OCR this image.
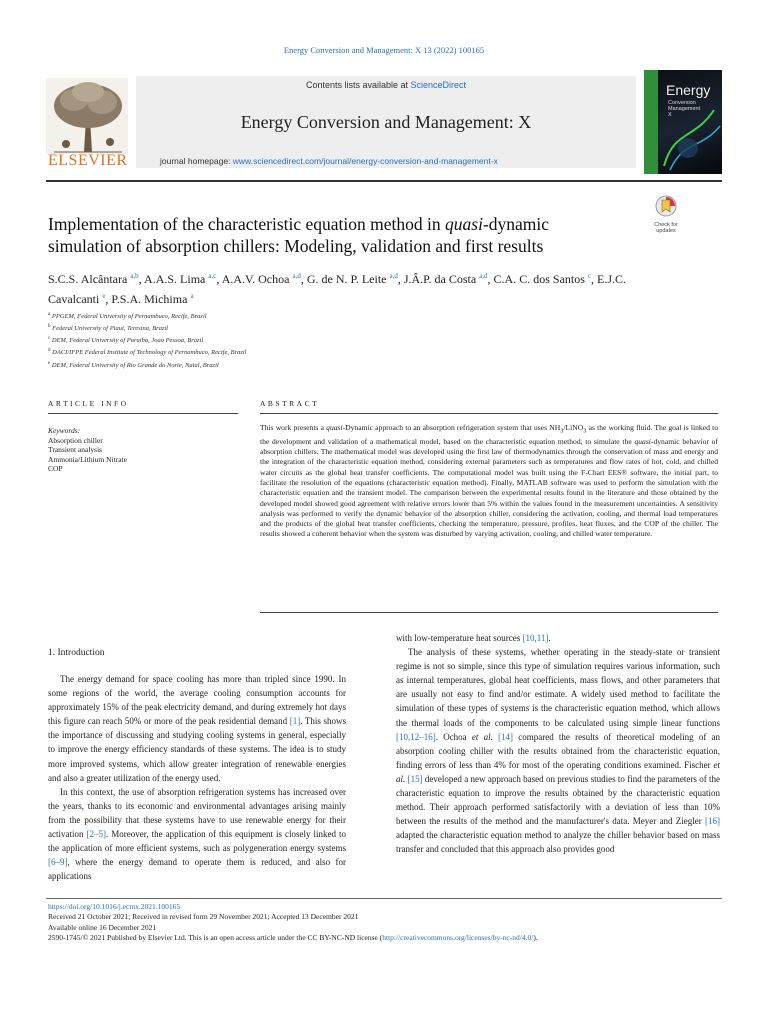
Energy Conversion and Management: X 13 (2022) 100165
ELSEVIER
Contents lists available at ScienceDirect
Energy Conversion and Management: X
journal homepage: www.sciencedirect.com/journal/energy-conversion-and-management-x
Energy
Conversion
Management
X
Check for
updates
Implementation of the characteristic equation method in quasi-dynamic
simulation of absorption chillers: Modeling, validation and first results
S.C.S. Alcântara $^{a,b}$, A.A.S. Lima $^{a,c}$, A.A.V. Ochoa $^{a,d}$, G. de N. P. Leite $^{a,d}$, J.Â.P. da Costa $^{a,d}$, C.A. C. dos Santos $^c$, E.J.C. Cavalcanti $^e$, P.S.A. Michima $^a$
$^a$ PPGEM, Federal University of Pernambuco, Recife, Brazil
$^b$ Federal University of Piaui, Teresina, Brazil
$^c$ DEM, Federal University of Paraiba, Joao Pessoa, Brazil
$^d$ DACI/IFPE Federal Institute of Technology of Pernambuco, Recife, Brazil
$^e$ DEM, Federal University of Rio Grande do Norte, Natal, Brazil
ARTICLE INFO	ABSTRACT
Keywords:
Absorption chiller
Transient analysis
Ammonia/Lithium Nitrate
COP
This work presents a quasi-Dynamic approach to an absorption refrigeration system that uses $NH_3/LiNO_3$ as the working fluid. The goal is linked to the development and validation of a mathematical model, based on the characteristic equation method, to simulate the quasi-dynamic behavior of absorption chillers. The mathematical model was developed using the first law of thermodynamics through the conservation of mass and energy and the integration of the characteristic equation method, considering external parameters such as temperatures and flow rates of hot, cold, and chilled water circuits as the global heat transfer coefficients. The computational model was built using the F-Chart EES® software, the initial part, to facilitate the resolution of the equations (characteristic equation method). Finally, MATLAB software was used to perform the simulation with the characteristic equation and the transient model. The comparison between the experimental results found in the literature and those obtained by the developed model showed good agreement with relative errors lower than 5% within the values found in the measurement uncertainties. A sensitivity analysis was performed to verify the dynamic behavior of the absorption chiller, considering the activation, cooling, and thermal load temperatures and the products of the global heat transfer coefficients, checking the temperature, pressure, profiles, heat fluxes, and the COP of the chiller. The results showed a coherent behavior when the system was disturbed by varying activation, cooling, and chilled water temperature.
1. Introduction

The energy demand for space cooling has more than tripled since 1990. In some regions of the world, the average cooling consumption accounts for approximately 15% of the peak electricity demand, and during extremely hot days this figure can reach 50% or more of the peak residential demand [1]. This shows the importance of discussing and studying cooling systems in general, especially to improve the energy efficiency standards of these systems. The idea is to study more improved systems, which allow greater integration of renewable energies and also a greater utilization of the energy used.

In this context, the use of absorption refrigeration systems has increased over the years, thanks to its economic and environmental advantages arising mainly from the possibility that these systems have to use renewable energy for their activation [2–5]. Moreover, the application of this equipment is closely linked to the application of more efficient systems, such as polygeneration energy systems [6–9], where the energy demand to operate them is reduced, and also for applications

with low-temperature heat sources [10,11].

The analysis of these systems, whether operating in the steady-state or transient regime is not so simple, since this type of simulation requires various information, such as internal temperatures, global heat coefficients, mass flows, and other parameters that are usually not easy to find and/or estimate. A widely used method to facilitate the simulation of these types of systems is the characteristic equation method, which allows the thermal loads of the components to be calculated using simple linear functions [10,12–16]. Ochoa et al. [14] compared the results of theoretical modeling of an absorption cooling chiller with the results obtained from the characteristic equation, finding errors of less than 4% for most of the operating conditions examined. Fischer et al. [15] developed a new approach based on previous studies to find the parameters of the characteristic equation to improve the results obtained by the characteristic equation method. Their approach performed satisfactorily with a deviation of less than 10% between the results of the method and the manufacturer's data. Meyer and Ziegler [16] adapted the characteristic equation method to analyze the chiller behavior based on mass transfer and concluded that this approach also provides good

https://doi.org/10.1016/j.ecmx.2021.100165
Received 21 October 2021; Received in revised form 29 November 2021; Accepted 13 December 2021
Available online 16 December 2021
2590-1745/© 2021 Published by Elsevier Ltd. This is an open access article under the CC BY-NC-ND license (http://creativecommons.org/licenses/by-nc-nd/4.0/).
